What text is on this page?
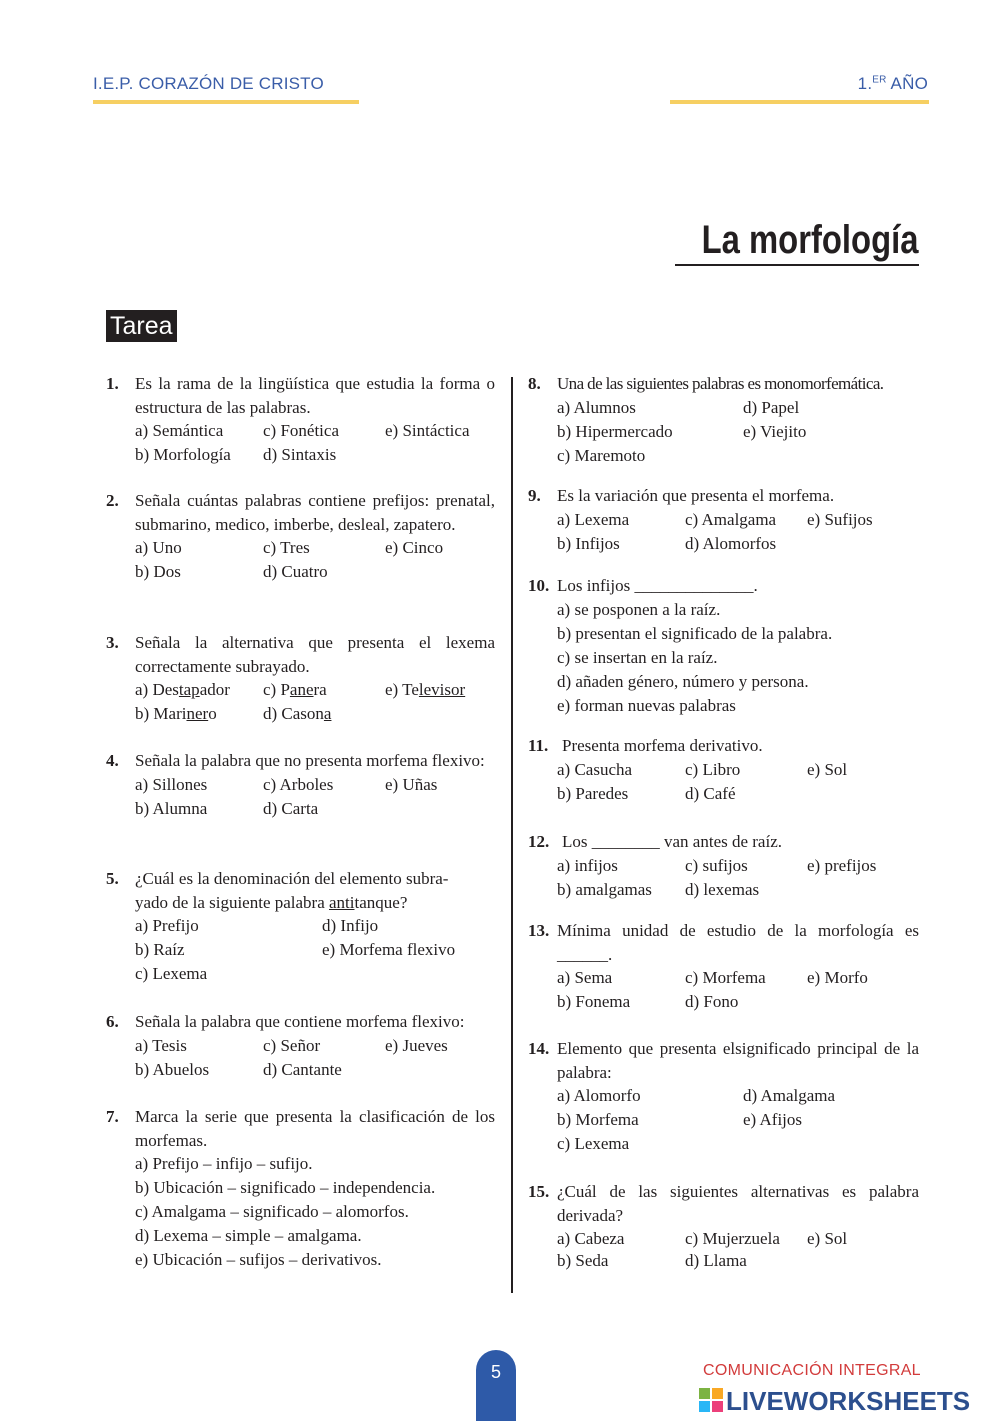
I.E.P. CORAZÓN DE CRISTO	1.$^{ER}$ AÑO
La morfología
Tarea
1. Es la rama de la lingüística que estudia la forma o estructura de las palabras.
a) Semántica c) Fonética	e) Sintáctica
b) Morfología d) Sintaxis
2. Señala cuántas palabras contiene prefijos: prenatal, submarino, medico, imberbe, desleal, zapatero.
a) Uno	c) Tres	e) Cinco
b) Dos	d) Cuatro
3. Señala la alternativa que presenta el lexema correctamente subrayado.
a) Destapador c) Panera	e) Televisor
b) Marinero	d) Casona
4. Señala la palabra que no presenta morfema flexivo:
a) Sillones	c) Arboles	e) Uñas
b) Alumna	d) Carta
5. ¿Cuál es la denominación del elemento subra-
yado de la siguiente palabra antitanque?
a) Prefijo	d) Infijo
b) Raíz	e) Morfema flexivo
c) Lexema
6. Señala la palabra que contiene morfema flexivo:
a) Tesis	c) Señor	e) Jueves
b) Abuelos	d) Cantante
7. Marca la serie que presenta la clasificación de los morfemas.
a) Prefijo – infijo – sufijo.
b) Ubicación – significado – independencia.
c) Amalgama – significado – alomorfos.
d) Lexema – simple – amalgama.
e) Ubicación – sufijos – derivativos.
8. Una de las siguientes palabras es monomorfemática.
a) Alumnos	d) Papel
b) Hipermercado	e) Viejito
c) Maremoto
9. Es la variación que presenta el morfema.
a) Lexema	c) Amalgama e) Sufijos
b) Infijos	d) Alomorfos
10. Los infijos ______________.
a) se posponen a la raíz.
b) presentan el significado de la palabra.
c) se insertan en la raíz.
d) añaden género, número y persona.
e) forman nuevas palabras
11. Presenta morfema derivativo.
a) Casucha	c) Libro	e) Sol
b) Paredes	d) Café
12. Los ________ van antes de raíz.
a) infijos	c) sufijos	e) prefijos
b) amalgamas d) lexemas
13. Mínima unidad de estudio de la morfología es ______.
a) Sema	c) Morfema e) Morfo
b) Fonema	d) Fono
14. Elemento que presenta elsignificado principal de la palabra:
a) Alomorfo	d) Amalgama
b) Morfema	e) Afijos
c) Lexema
15. ¿Cuál de las siguientes alternativas es palabra derivada?
a) Cabeza	c) Mujerzuela e) Sol
b) Seda	d) Llama
5	COMUNICACIÓN INTEGRAL
LIVEWORKSHEETS
